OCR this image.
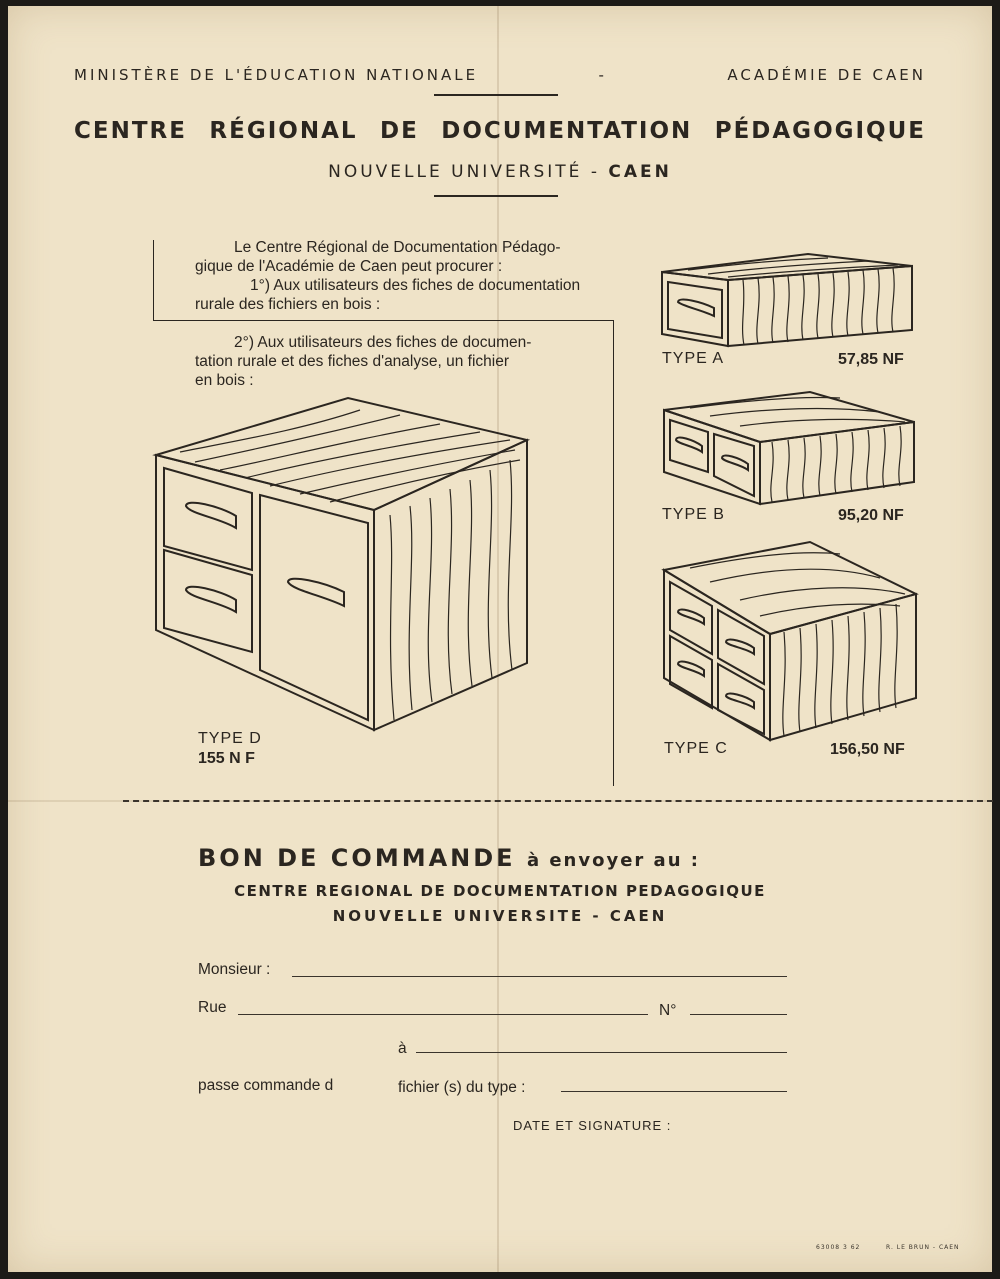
MINISTÈRE DE L'ÉDUCATION NATIONALE	-	ACADÉMIE DE CAEN
CENTRE RÉGIONAL DE DOCUMENTATION PÉDAGOGIQUE
NOUVELLE UNIVERSITÉ - CAEN
Le Centre Régional de Documentation Pédago-
gique de l'Académie de Caen peut procurer :
1°) Aux utilisateurs des fiches de documentation
rurale des fichiers en bois :
2°) Aux utilisateurs des fiches de documen-
tation rurale et des fiches d'analyse, un fichier
en bois :
TYPE D
155 N F
TYPE A	57,85 NF
TYPE B	95,20 NF
TYPE C	156,50 NF
BON DE COMMANDE à envoyer au :
CENTRE REGIONAL DE DOCUMENTATION PEDAGOGIQUE
NOUVELLE UNIVERSITE - CAEN
Monsieur :
Rue	N°
à
passe commande d	fichier (s) du type :
DATE ET SIGNATURE :
63008 3 62	R. LE BRUN - CAEN
